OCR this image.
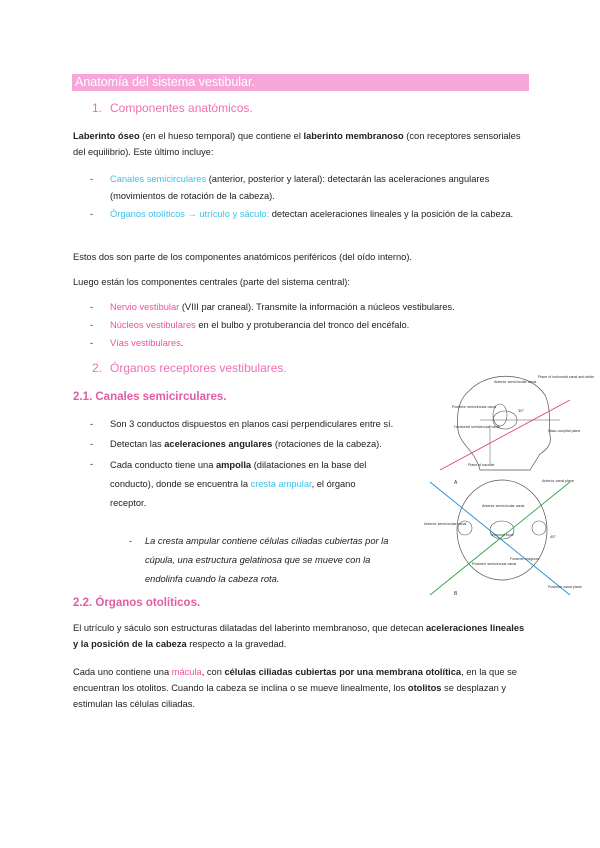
Anatomía del sistema vestibular.
1. Componentes anatómicos.
Laberinto óseo (en el hueso temporal) que contiene el laberinto membranoso (con receptores sensoriales del equilibrio). Este último incluye:
- Canales semicirculares (anterior, posterior y lateral): detectarán las aceleraciones angulares (movimientos de rotación de la cabeza).
- Órganos otolíticos → utrículo y sáculo: detectan aceleraciones lineales y la posición de la cabeza.
Estos dos son parte de los componentes anatómicos periféricos (del oído interno).
Luego están los componentes centrales (parte del sistema central):
- Nervio vestibular (VIII par craneal). Transmite la información a núcleos vestibulares.
- Núcleos vestibulares en el bulbo y protuberancia del tronco del encéfalo.
- Vías vestibulares.
2. Órganos receptores vestibulares.
2.1. Canales semicirculares.
- Son 3 conductos dispuestos en planos casi perpendiculares entre sí.
- Detectan las aceleraciones angulares (rotaciones de la cabeza).
- Cada conducto tiene una ampolla (dilataciones en la base del
conducto), donde se encuentra la cresta ampular, el órgano
receptor.
- La cresta ampular contiene células ciliadas cubiertas por la
cúpula, una estructura gelatinosa que se mueve con la
endolinfa cuando la cabeza rota.
2.2. Órganos otolíticos.
El utrículo y sáculo son estructuras dilatadas del laberinto membranoso, que detecan aceleraciones lineales y la posición de la cabeza respecto a la gravedad.
Cada uno contiene una mácula, con células ciliadas cubiertas por una membrana otolítica, en la que se encuentran los otolitos. Cuando la cabeza se inclina o se mueve linealmente, los otolitos se desplazan y estimulan las células ciliadas.
Anterior semicircular canal
Plane of horizontal canal and stride
Posterior semicircular canal
Horizontal semicircular canal
Naso-occipital plane
Plane of saccule
30°
A	Anterior canal plane
Anterior semicircular canal
Anterior semicircular canal
Temporal bone
Posterior semicircular canal
Foramen magnum
Posterior canal plane
45°
B
